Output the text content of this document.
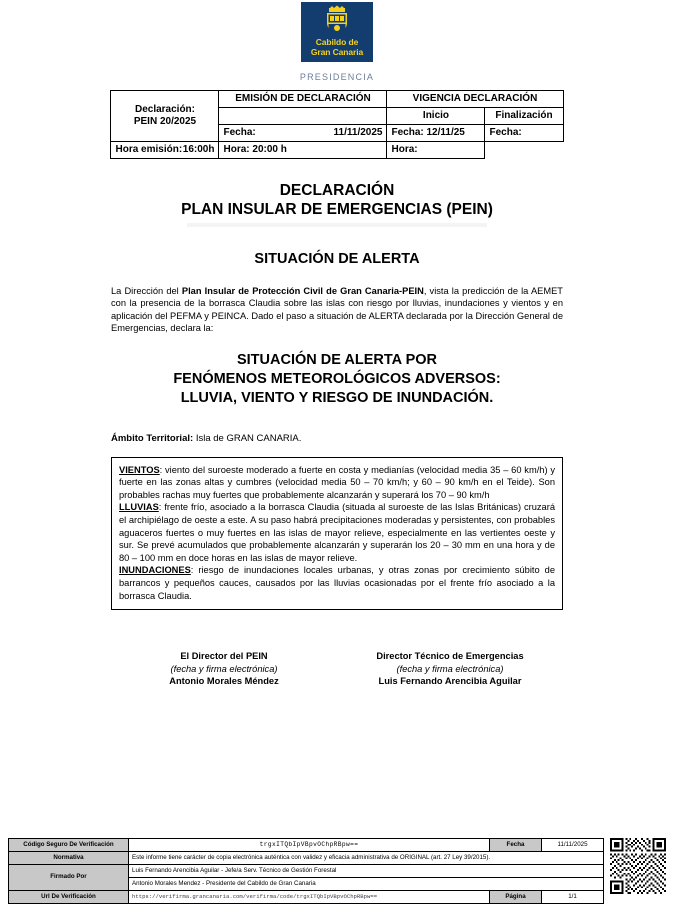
Cabildo de
Gran Canaria
PRESIDENCIA
Declaración:
PEIN 20/2025	EMISIÓN DE DECLARACIÓN	VIGENCIA DECLARACIÓN	
		Inicio	Finalización

	Fecha: 11/11/2025	Fecha: 12/11/25	Fecha:

Hora emisión: 16:00h	Hora: 20:00 h	Hora:	
DECLARACIÓN
PLAN INSULAR DE EMERGENCIAS (PEIN)
SITUACIÓN DE ALERTA

La Dirección del Plan Insular de Protección Civil de Gran Canaria-PEIN, vista la predicción de la AEMET con la presencia de la borrasca Claudia sobre las islas con riesgo por lluvias, inundaciones y vientos y en aplicación del PEFMA y PEINCA. Dado el paso a situación de ALERTA declarada por la Dirección General de Emergencias, declara la:

SITUACIÓN DE ALERTA POR
FENÓMENOS METEOROLÓGICOS ADVERSOS:
LLUVIA, VIENTO Y RIESGO DE INUNDACIÓN.
Ámbito Territorial: Isla de GRAN CANARIA.

VIENTOS: viento del suroeste moderado a fuerte en costa y medianías (velocidad media 35 – 60 km/h) y fuerte en las zonas altas y cumbres (velocidad media 50 – 70 km/h; y 60 – 90 km/h en el Teide). Son probables rachas muy fuertes que probablemente alcanzarán y superará los 70 – 90 km/h

LLUVIAS: frente frío, asociado a la borrasca Claudia (situada al suroeste de las Islas Británicas) cruzará el archipiélago de oeste a este. A su paso habrá precipitaciones moderadas y persistentes, con probables aguaceros fuertes o muy fuertes en las islas de mayor relieve, especialmente en las vertientes oeste y sur. Se prevé acumulados que probablemente alcanzarán y superarán los 20 – 30 mm en una hora y de 80 – 100 mm en doce horas en las islas de mayor relieve.

INUNDACIONES: riesgo de inundaciones locales urbanas, y otras zonas por crecimiento súbito de barrancos y pequeños cauces, causados por las lluvias ocasionadas por el frente frío asociado a la borrasca Claudia.

El Director del PEIN
(fecha y firma electrónica)
Antonio Morales Méndez
Director Técnico de Emergencias
(fecha y firma electrónica)
Luis Fernando Arencibia Aguilar
Código Seguro De Verificación	trgxITQbIpVBpvOChpRBpw==	Fecha	11/11/2025
Normativa	Este informe tiene carácter de copia electrónica auténtica con validez y eficacia administrativa de ORIGINAL (art. 27 Ley 39/2015).		
Firmado Por	Luis Fernando Arencibia Aguilar - Jefe/a Serv. Técnico de Gestión Forestal		
	Antonio Morales Mendez - Presidente del Cabildo de Gran Canaria		
Url De Verificación	https://verifirma.grancanaria.com/verifirma/code/trgxITQbIpVBpvOChpRBpw==	Página	1/1
